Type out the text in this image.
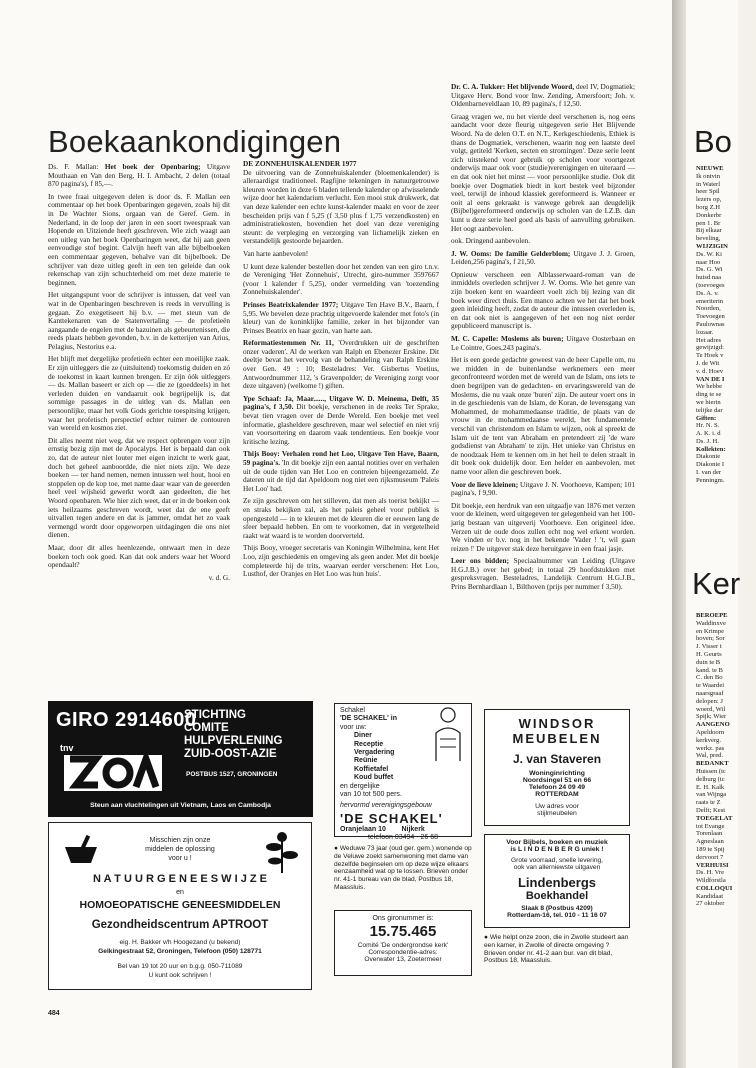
Boekaankondigingen

Ds. F. Mallan: Het boek der Openbaring; Uitgave Mouthaan en Van den Berg, H. I. Ambacht, 2 delen (totaal 870 pagina's), f 85,—.

In twee fraai uitgegeven delen is door ds. F. Mallan een commentaar op het boek Openbaringen gegeven, zoals hij dit in De Wachter Sions, orgaan van de Geref. Gem. in Nederland, in de loop der jaren in een soort tweespraak van Hopende en Uitziende heeft geschreven. Wie zich waagt aan een uitleg van het boek Openbaringen weet, dat hij aan geen eenvoudige stof begint. Calvijn heeft van alle bijbelboeken een commentaar gegeven, behalve van dit bijbelboek. De schrijver van deze uitleg geeft in een ten geleide dan ook rekenschap van zijn schuchterheid om met deze materie te beginnen.

Het uitgangspunt voor de schrijver is intussen, dat veel van wat in de Openbaringen beschreven is reeds in vervulling is gegaan. Zo exegetiseert hij b.v. — met steun van de Kanttekenaren van de Statenvertaling — de profetieën aangaande de engelen met de bazuinen als gebeurtenissen, die reeds plaats hebben gevonden, b.v. in de ketterijen van Arius, Pelagius, Nestorius e.a.

Het blijft met dergelijke profetieën echter een moeilijke zaak. Er zijn uitleggers die ze (uitsluitend) toekomstig duiden en zó de toekomst in kaart kunnen brengen. Er zijn óók uitleggers — ds. Mallan baseert er zich op — die ze (goeddeels) in het verleden duiden en vandaaruit ook begrijpelijk is, dat sommige passages in de uitleg van ds. Mallan een persoonlijke, maar het volk Gods gerichte toespitsing krijgen, waar het profetisch perspectief echter ruimer de contouren van wereld en kosmos ziet.

Dit alles neemt niet weg, dat we respect opbrengen voor zijn ernstig bezig zijn met de Apocalyps. Het is bepaald dan ook zo, dat de auteur niet louter met eigen inzicht te werk gaat, doch het geheel aanboordde, die niet niets zijn. We deze boeken — ter hand nemen, nemen intussen wel hout, hooi en stoppelen op de kop toe, met name daar waar van de geeerden heel veel wijsheid gewerkt wordt aan gedeelten, die het Woord openbaren. Wie hier zich weet, dat er in de boeken ook iets heilzaams geschreven wordt, weet dat de ene geeft uitvallen tegen andere en dat is jammer, omdat het zo vaak vermengd wordt door opgeworpen uitdagingen die ons niet dienen.

Maar, door dit alles heenlezende, ontwaart men in deze boeken toch ook goed. Kan dat ook anders waar het Woord opendaalt?

v. d. G.

DE ZONNEHUISKALENDER 1977
De uitvoering van de Zonnehuiskalender (bloemenkalender) is alleraardigst traditioneel. Ragfijne tekeningen in natuurgetrouwe kleuren worden in deze 6 bladen tellende kalender op afwisselende wijze door het kalendarium verlucht. Een mooi stuk drukwerk, dat van deze kalender een echte kunst-kalender maakt en voor de zeer bescheiden prijs van f 5,25 (f 3,50 plus f 1,75 verzendkosten) en administratiekosten, bovendien het doel van deze vereniging steunt: de verpleging en verzorging van lichamelijk zieken en verstandelijk gestoorde bejaarden.

Van harte aanbevolen!

U kunt deze kalender bestellen door het zenden van een giro t.n.v. de Vereniging 'Het Zonnehuis', Utrecht, giro-nummer 3597667 (voor 1 kalender f 5,25), onder vermelding van 'toezending Zonnehuiskalender'.

Prinses Beatrixkalender 1977; Uitgave Ten Have B.V., Baarn, f 5,95. We bevelen deze prachtig uitgevoerde kalender met foto's (in kleur) van de koninklijke familie, zeker in het bijzonder van Prinses Beatrix en haar gezin, van harte aan.

Reformatiestemmen Nr. 11, 'Overdrukken uit de geschriften onzer vaderen'. Al de werken van Ralph en Ebenezer Erskine. Dit deeltje bevat het vervolg van de behandeling van Ralph Erskine over Gen. 49 : 10; Besteladres: Ver. Gisbertus Voetius, Antwoordnummer 112, 's Gravenpolder; de Vereniging zorgt voor deze uitgaven) (welkome !) giften.

Ype Schaaf: Ja, Maar......, Uitgave W. D. Meinema, Delft, 35 pagina's, f 3,50. Dit boekje, verschenen in de reeks Ter Sprake, bevat tien vragen over de Derde Wereld. Een boekje met veel informatie, glasheldere geschreven, maar wel selectief en niet vrij van voorsortering en daarom vaak tendentieus. Een boekje voor kritische lezing.

Thijs Booy: Verhalen rond het Loo, Uitgave Ten Have, Baarn, 59 pagina's. 'In dit boekje zijn een aantal notities over en verhalen uit de oude tijden van Het Loo en contreien bijeengezameld. Ze dateren uit de tijd dat Apeldoorn nog niet een rijksmuseum 'Paleis Het Loo' had.

Ze zijn geschreven om het stilleven, dat men als toerist bekijkt — en straks bekijken zal, als het paleis geheel voor publiek is opengesteld — in te kleuren met de kleuren die er eeuwen lang de sfeer bepaald hebben. En om te voorkomen, dat in vergetelheid raakt wat waard is te worden doorverteld.

Thijs Booy, vroeger secretaris van Koningin Wilhelmina, kent Het Loo, zijn geschiedenis en omgeving als geen ander. Met dit boekje completeerde hij de trits, waarvan eerder verschenen: Het Loo, Lusthof, der Oranjes en Het Loo was hun huis'.

Dr. C. A. Tukker: Het blijvende Woord, deel IV, Dogmatiek; Uitgave Herv. Bond voor Inw. Zending, Amersfoort; Joh. v. Oldenbarneveldlaan 10, 89 pagina's, f 12,50.

Graag vragen we, nu het vierde deel verschenen is, nog eens aandacht voor deze fleurig uitgegeven serie Het Blijvende Woord. Na de delen O.T. en N.T., Kerkgeschiedenis, Ethiek is thans de Dogmatiek, verschenen, waarin nog een laatste deel volgt, getiteld 'Kerken, secten en stromingen'. Deze serie leent zich uitstekend voor gebruik op scholen voor voortgezet onderwijs maar ook voor (studie)verenigingen en uiteraard — en dat ook niet het minst — voor persoonlijke studie. Ook dit boekje over Dogmatiek biedt in kort bestek veel bijzonder veel, terwijl de inhoud klassiek gereformeerd is. Wanneer er ooit al eens gekraakt is vanwege gebrek aan deugdelijk (Bijbel)gereformeerd onderwijs op scholen van de I.Z.B. dan kunt u deze serie heel goed als basis of aanvulling gebruiken. Het oogt aanbevolen.

ook. Dringend aanbevolen.

J. W. Ooms: De familie Gelderblom; Uitgave J. J. Groen, Leiden,256 pagina's, f 21,50.

Opnieuw verscheen een Alblasserwaard-roman van de inmiddels overleden schrijver J. W. Ooms. Wie het genre van zijn boeken kent en waardeert voelt zich bij lezing van dit boek weer direct thuis. Een manco achten we het dat het boek geen inleiding heeft, zodat de auteur die intussen overleden is, en dat ook niet is aangegeven of het een nog niet eerder gepubliceerd manuscript is.

M. C. Capelle: Moslems als buren; Uitgave Oosterbaan en Le Cointre, Goes,243 pagina's.

Het is een goede gedachte geweest van de heer Capelle om, nu we midden in de buitenlandse werknemers een meer geconfronteerd worden met de wereld van de Islam, ons iets te doen begrijpen van de gedachten- en ervaringswereld van de Moslems, die nu vaak onze 'buren' zijn. De auteur voert ons in in de geschiedenis van de Islam, de Koran, de levensgang van Mohammed, de mohammedaanse traditie, de plaats van de vrouw in de mohammedaanse wereld, het fundamentele verschil van christendom en Islam te wijzen, ook al spreekt de Islam uit de tent van Abraham en pretendeert zij 'de ware godsdienst van Abraham' te zijn. Het unieke van Christus en de noodzaak Hem te kennen om in het heil te delen straalt in dit boek ook duidelijk door. Een helder en aanbevolen, met name voor allen die geschreven boek.

Voor de lieve kleinen; Uitgave J. N. Voorhoeve, Kampen; 101 pagina's, f 9,90.

Dit boekje, een herdruk van een uitgaafje van 1876 met verzen voor de kleinen, werd uitgegeven ter gelegenheid van het 100-jarig bestaan van uitgeverij Voorhoeve. Een origineel idee. Verzen uit de oude doos zullen echt nog wel erkent worden. We vinden er b.v. nog in het bekende 'Vader ! 't, wil gaan reizen !' De uitgever stak deze heruitgave in een fraai jasje.

Leer ons bidden; Speciaalnummer van Leiding (Uitgave H.G.J.B.) over het gebed; in totaal 29 hoofdstukken met gespreksvragen. Besteladres, Landelijk Centrum H.G.J.B., Prins Bernhardlaan 1, Bilthoven (prijs per nummer f 3,50).

GIRO 2914600
tnv
STICHTING
COMITE
HULPVERLENING
ZUID-OOST-AZIE
POSTBUS 1527, GRONINGEN
Steun aan vluchtelingen uit Vietnam, Laos en Cambodja
Misschien zijn onze
middelen de oplossing
voor u !
N A T U U R G E N E E S W I J Z E
en
HOMOEOPATISCHE GENEESMIDDELEN
Gezondheidscentrum APTROOT
eig. H. Bakker v/h Hoogezand (u bekend)
Gelkingestraat 52, Groningen, Telefoon (050) 128771
Bel van 19 tot 20 uur en b.g.g. 050-711089
U kunt ook schrijven !
Schakel
'DE SCHAKEL' in
voor uw:
Diner
Receptie
Vergadering
Reünie
Koffietafel
Koud buffet
en dergelijke
van 10 tot 500 pers.
hervormd verenigingsgebouw
'DE SCHAKEL'
Oranjelaan 10        Nijkerk
telefoon 03494 - 26 68
● Weduwe 73 jaar (oud ger. gem.) wonende op de Veluwe zoekt samenwoning met dame van dezelfde beginselen om op deze wijze elkaars eenzaamheid wat op te lossen. Brieven onder nr. 41-1 bureau van de blad, Postbus 18, Maassluis.
Ons gironummer is:
15.75.465
Comité 'De ondergrondse kerk'
Correspondentie-adres:
Overwater 13, Zoetermeer
WINDSOR
MEUBELEN
J. van Staveren
Woninginrichting
Noordsingel 51 en 66
Telefoon 24 09 49
ROTTERDAM
Uw adres voor
stijlmeubelen
Voor Bijbels, boeken en muziek
is L I N D E N B E R G uniek !
Grote voorraad, snelle levering,
ook van allerniewste uitgaven
Lindenbergs
Boekhandel
Slaak 8 (Postbus 4209)
Rotterdam-16, tel. 010 - 11 16 07
● Wie helpt onze zoon, die in Zwolle studeert aan een kamer, in Zwolle of directe omgeving ? Brieven onder nr. 41-2 aan bur. van dit blad, Postbus 18, Maassluis.
484
Bo
NIEUWE
Ik ontvin
in Waterl
heer Spil
lezers op,
borg Z.H
Donkerbr
pen 1. Br
Bij elkaar
beveling,
WIJZIGIN
Ds. W. Ki
naar Hoo
Ds. G. Wi
huisd naa
(toevoeges
Ds. A. v.
emeriterin
Noorden,
Toevoegen
Paulownas
lozaar.
Het adres
gewijzigd:
Te Hoek v
J. de Wit
v. d. Hoev
VAN DE I
We hebbe
ding te se
we hierin
telijke dar
Giften:
Hr. N. S.
A. K. i. d
Ds. J. H.
Kollekten:
Diakonie
Diakonie I
I. van der
Penningm.
Ker
BEROEPE
Waddinxve
en Krimpe
hoven; Sor
J. Visser t
H. Geurts
duin te B
kand. te B
C. den Bo
te Waardei
naarsgraaf
delopen: J
woerd, Wil
Spijk; Wier
AANGENO
Apeldoorn
kerkverg.
werkz. pas
Wal, pred.
BEDANKT
Huissen (tc
delburg (tc
E. H. Kalk
van Wijnga
raats te Z
Delft; Kest
TOEGELAT
tot Evange
Torenlaan
Agneslaan
189 te Spij
dervoort 7
VERHUISI
Ds. H. Vre
Wildforstla
COLLOQUI
Kandidaat
27 oktober
